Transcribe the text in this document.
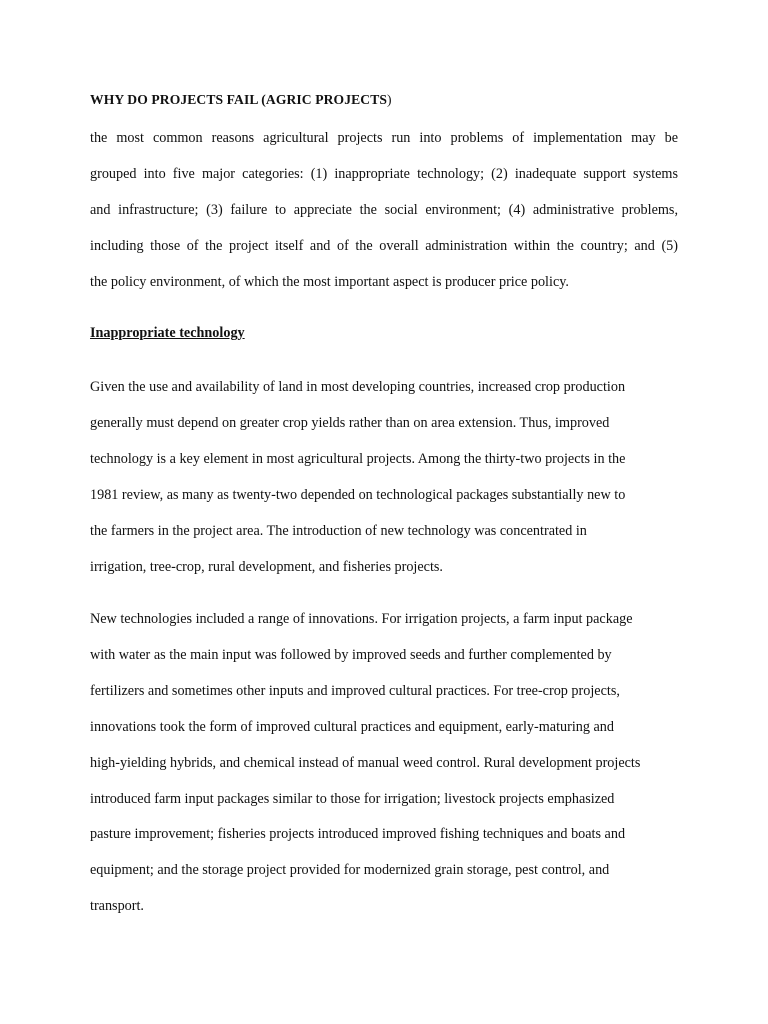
WHY DO PROJECTS FAIL (AGRIC PROJECTS)

the most common reasons agricultural projects run into problems of implementation may be
grouped into five major categories: (1) inappropriate technology; (2) inadequate support systems
and infrastructure; (3) failure to appreciate the social environment; (4) administrative problems,
including those of the project itself and of the overall administration within the country; and (5)
the policy environment, of which the most important aspect is producer price policy.

Inappropriate technology

Given the use and availability of land in most developing countries, increased crop production
generally must depend on greater crop yields rather than on area extension. Thus, improved
technology is a key element in most agricultural projects. Among the thirty-two projects in the
1981 review, as many as twenty-two depended on technological packages substantially new to
the farmers in the project area. The introduction of new technology was concentrated in
irrigation, tree-crop, rural development, and fisheries projects.

New technologies included a range of innovations. For irrigation projects, a farm input package
with water as the main input was followed by improved seeds and further complemented by
fertilizers and sometimes other inputs and improved cultural practices. For tree-crop projects,
innovations took the form of improved cultural practices and equipment, early-maturing and
high-yielding hybrids, and chemical instead of manual weed control. Rural development projects
introduced farm input packages similar to those for irrigation; livestock projects emphasized
pasture improvement; fisheries projects introduced improved fishing techniques and boats and
equipment; and the storage project provided for modernized grain storage, pest control, and
transport.
